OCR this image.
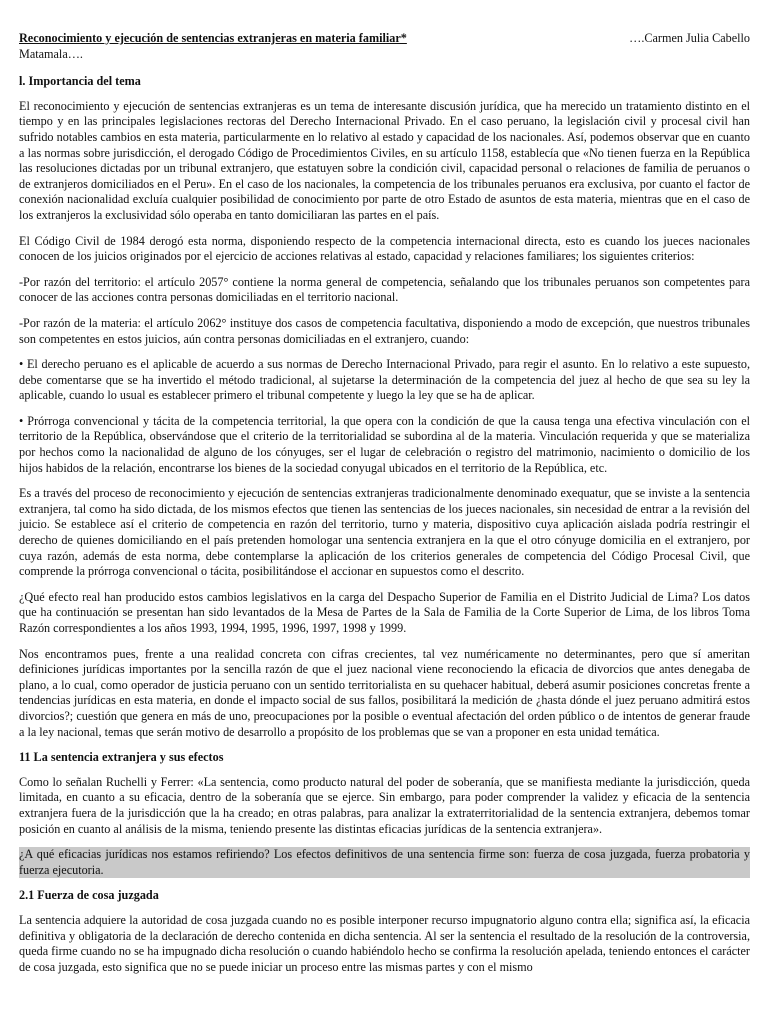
Reconocimiento y ejecución de sentencias extranjeras en materia familiar*	….Carmen Julia Cabello
Matamala….
l. Importancia del tema

El reconocimiento y ejecución de sentencias extranjeras es un tema de interesante discusión jurídica, que ha merecido un tratamiento distinto en el tiempo y en las principales legislaciones rectoras del Derecho Internacional Privado. En el caso peruano, la legislación civil y procesal civil han sufrido notables cambios en esta materia, particularmente en lo relativo al estado y capacidad de los nacionales. Así, podemos observar que en cuanto a las normas sobre jurisdicción, el derogado Código de Procedimientos Civiles, en su artículo 1158, establecía que «No tienen fuerza en la República las resoluciones dictadas por un tribunal extranjero, que estatuyen sobre la condición civil, capacidad personal o relaciones de familia de peruanos o de extranjeros domiciliados en el Peru». En el caso de los nacionales, la competencia de los tribunales peruanos era exclusiva, por cuanto el factor de conexión nacionalidad excluía cualquier posibilidad de conocimiento por parte de otro Estado de asuntos de esta materia, mientras que en el caso de los extranjeros la exclusividad sólo operaba en tanto domiciliaran las partes en el país.

El Código Civil de 1984 derogó esta norma, disponiendo respecto de la competencia internacional directa, esto es cuando los jueces nacionales conocen de los juicios originados por el ejercicio de acciones relativas al estado, capacidad y relaciones familiares; los siguientes criterios:

-Por razón del territorio: el artículo 2057° contiene la norma general de competencia, señalando que los tribunales peruanos son competentes para conocer de las acciones contra personas domiciliadas en el territorio nacional.

-Por razón de la materia: el artículo 2062° instituye dos casos de competencia facultativa, disponiendo a modo de excepción, que nuestros tribunales son competentes en estos juicios, aún contra personas domiciliadas en el extranjero, cuando:

• El derecho peruano es el aplicable de acuerdo a sus normas de Derecho Internacional Privado, para regir el asunto. En lo relativo a este supuesto, debe comentarse que se ha invertido el método tradicional, al sujetarse la determinación de la competencia del juez al hecho de que sea su ley la aplicable, cuando lo usual es establecer primero el tribunal competente y luego la ley que se ha de aplicar.

• Prórroga convencional y tácita de la competencia territorial, la que opera con la condición de que la causa tenga una efectiva vinculación con el territorio de la República, observándose que el criterio de la territorialidad se subordina al de la materia. Vinculación requerida y que se materializa por hechos como la nacionalidad de alguno de los cónyuges, ser el lugar de celebración o registro del matrimonio, nacimiento o domicilio de los hijos habidos de la relación, encontrarse los bienes de la sociedad conyugal ubicados en el territorio de la República, etc.

Es a través del proceso de reconocimiento y ejecución de sentencias extranjeras tradicionalmente denominado exequatur, que se inviste a la sentencia extranjera, tal como ha sido dictada, de los mismos efectos que tienen las sentencias de los jueces nacionales, sin necesidad de entrar a la revisión del juicio. Se establece así el criterio de competencia en razón del territorio, turno y materia, dispositivo cuya aplicación aislada podría restringir el derecho de quienes domiciliando en el país pretenden homologar una sentencia extranjera en la que el otro cónyuge domicilia en el extranjero, por cuya razón, además de esta norma, debe contemplarse la aplicación de los criterios generales de competencia del Código Procesal Civil, que comprende la prórroga convencional o tácita, posibilitándose el accionar en supuestos como el descrito.

¿Qué efecto real han producido estos cambios legislativos en la carga del Despacho Superior de Familia en el Distrito Judicial de Lima? Los datos que ha continuación se presentan han sido levantados de la Mesa de Partes de la Sala de Familia de la Corte Superior de Lima, de los libros Toma Razón correspondientes a los años 1993, 1994, 1995, 1996, 1997, 1998 y 1999.

Nos encontramos pues, frente a una realidad concreta con cifras crecientes, tal vez numéricamente no determinantes, pero que sí ameritan definiciones jurídicas importantes por la sencilla razón de que el juez nacional viene reconociendo la eficacia de divorcios que antes denegaba de plano, a lo cual, como operador de justicia peruano con un sentido territorialista en su quehacer habitual, deberá asumir posiciones concretas frente a tendencias jurídicas en esta materia, en donde el impacto social de sus fallos, posibilitará la medición de ¿hasta dónde el juez peruano admitirá estos divorcios?; cuestión que genera en más de uno, preocupaciones por la posible o eventual afectación del orden público o de intentos de generar fraude a la ley nacional, temas que serán motivo de desarrollo a propósito de los problemas que se van a proponer en esta unidad temática.

11 La sentencia extranjera y sus efectos

Como lo señalan Ruchelli y Ferrer: «La sentencia, como producto natural del poder de soberanía, que se manifiesta mediante la jurisdicción, queda limitada, en cuanto a su eficacia, dentro de la soberanía que se ejerce. Sin embargo, para poder comprender la validez y eficacia de la sentencia extranjera fuera de la jurisdicción que la ha creado; en otras palabras, para analizar la extraterritorialidad de la sentencia extranjera, debemos tomar posición en cuanto al análisis de la misma, teniendo presente las distintas eficacias jurídicas de la sentencia extranjera».

¿A qué eficacias jurídicas nos estamos refiriendo? Los efectos definitivos de una sentencia firme son: fuerza de cosa juzgada, fuerza probatoria y fuerza ejecutoria.

2.1 Fuerza de cosa juzgada

La sentencia adquiere la autoridad de cosa juzgada cuando no es posible interponer recurso impugnatorio alguno contra ella; significa así, la eficacia definitiva y obligatoria de la declaración de derecho contenida en dicha sentencia. Al ser la sentencia el resultado de la resolución de la controversia, queda firme cuando no se ha impugnado dicha resolución o cuando habiéndolo hecho se confirma la resolución apelada, teniendo entonces el carácter de cosa juzgada, esto significa que no se puede iniciar un proceso entre las mismas partes y con el mismo
